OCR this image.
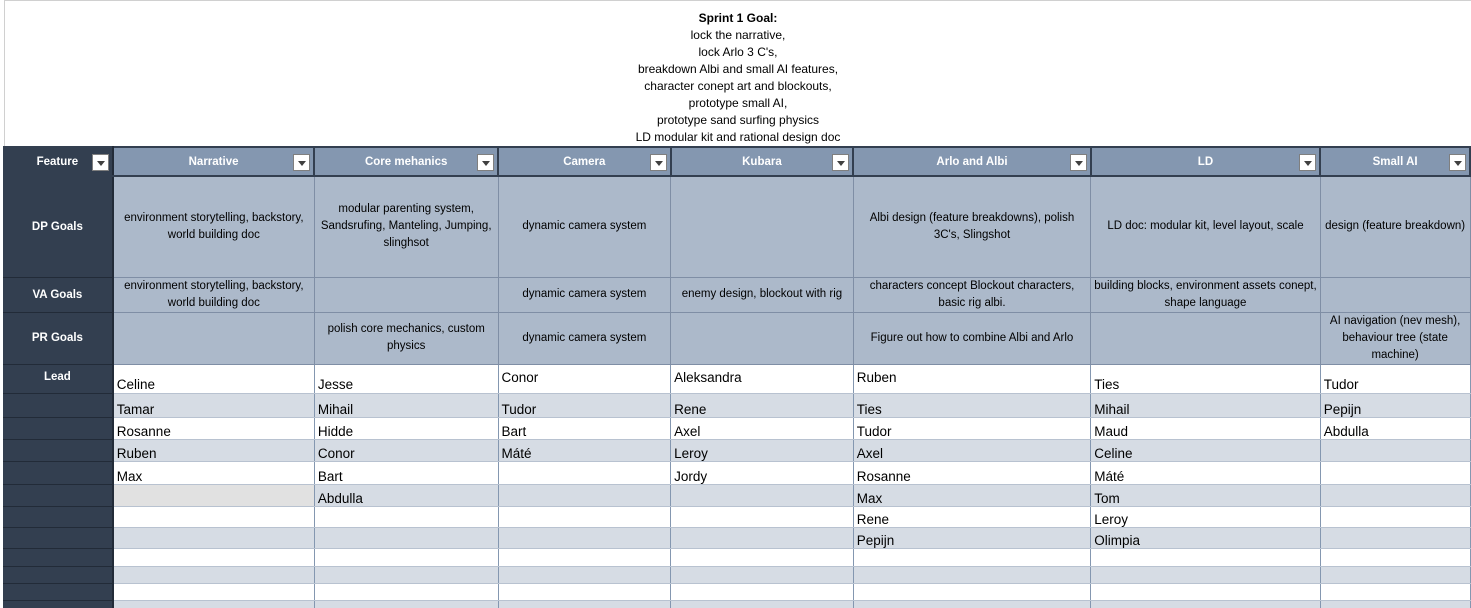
Sprint 1 Goal:
lock the narrative,
lock Arlo 3 C's,
breakdown Albi and small AI features,
character conept art and blockouts,
prototype small AI,
prototype sand surfing physics
LD modular kit and rational design doc
Feature	Narrative	Core mehanics	Camera	Kubara	Arlo and Albi	LD	Small AI

DP Goals	environment storytelling, backstory, world building doc	modular parenting system, Sandsrufing, Manteling, Jumping, slinghsot	dynamic camera system		Albi design (feature breakdowns), polish 3C's, Slingshot	LD doc: modular kit, level layout, scale	design (feature breakdown)
VA Goals	environment storytelling, backstory, world building doc		dynamic camera system	enemy design, blockout with rig	characters concept Blockout characters, basic rig albi.	building blocks, environment assets conept, shape language	
PR Goals		polish core mechanics, custom physics	dynamic camera system		Figure out how to combine Albi and Arlo		AI navigation (nev mesh), behaviour tree (state machine)
Lead	Celine	Jesse	Conor	Aleksandra	Ruben	Ties	Tudor
	Tamar	Mihail	Tudor	Rene	Ties	Mihail	Pepijn
	Rosanne	Hidde	Bart	Axel	Tudor	Maud	Abdulla
	Ruben	Conor	Máté	Leroy	Axel	Celine	
	Max	Bart		Jordy	Rosanne	Máté	
		Abdulla			Max	Tom	
					Rene	Leroy	
					Pepijn	Olimpia	
